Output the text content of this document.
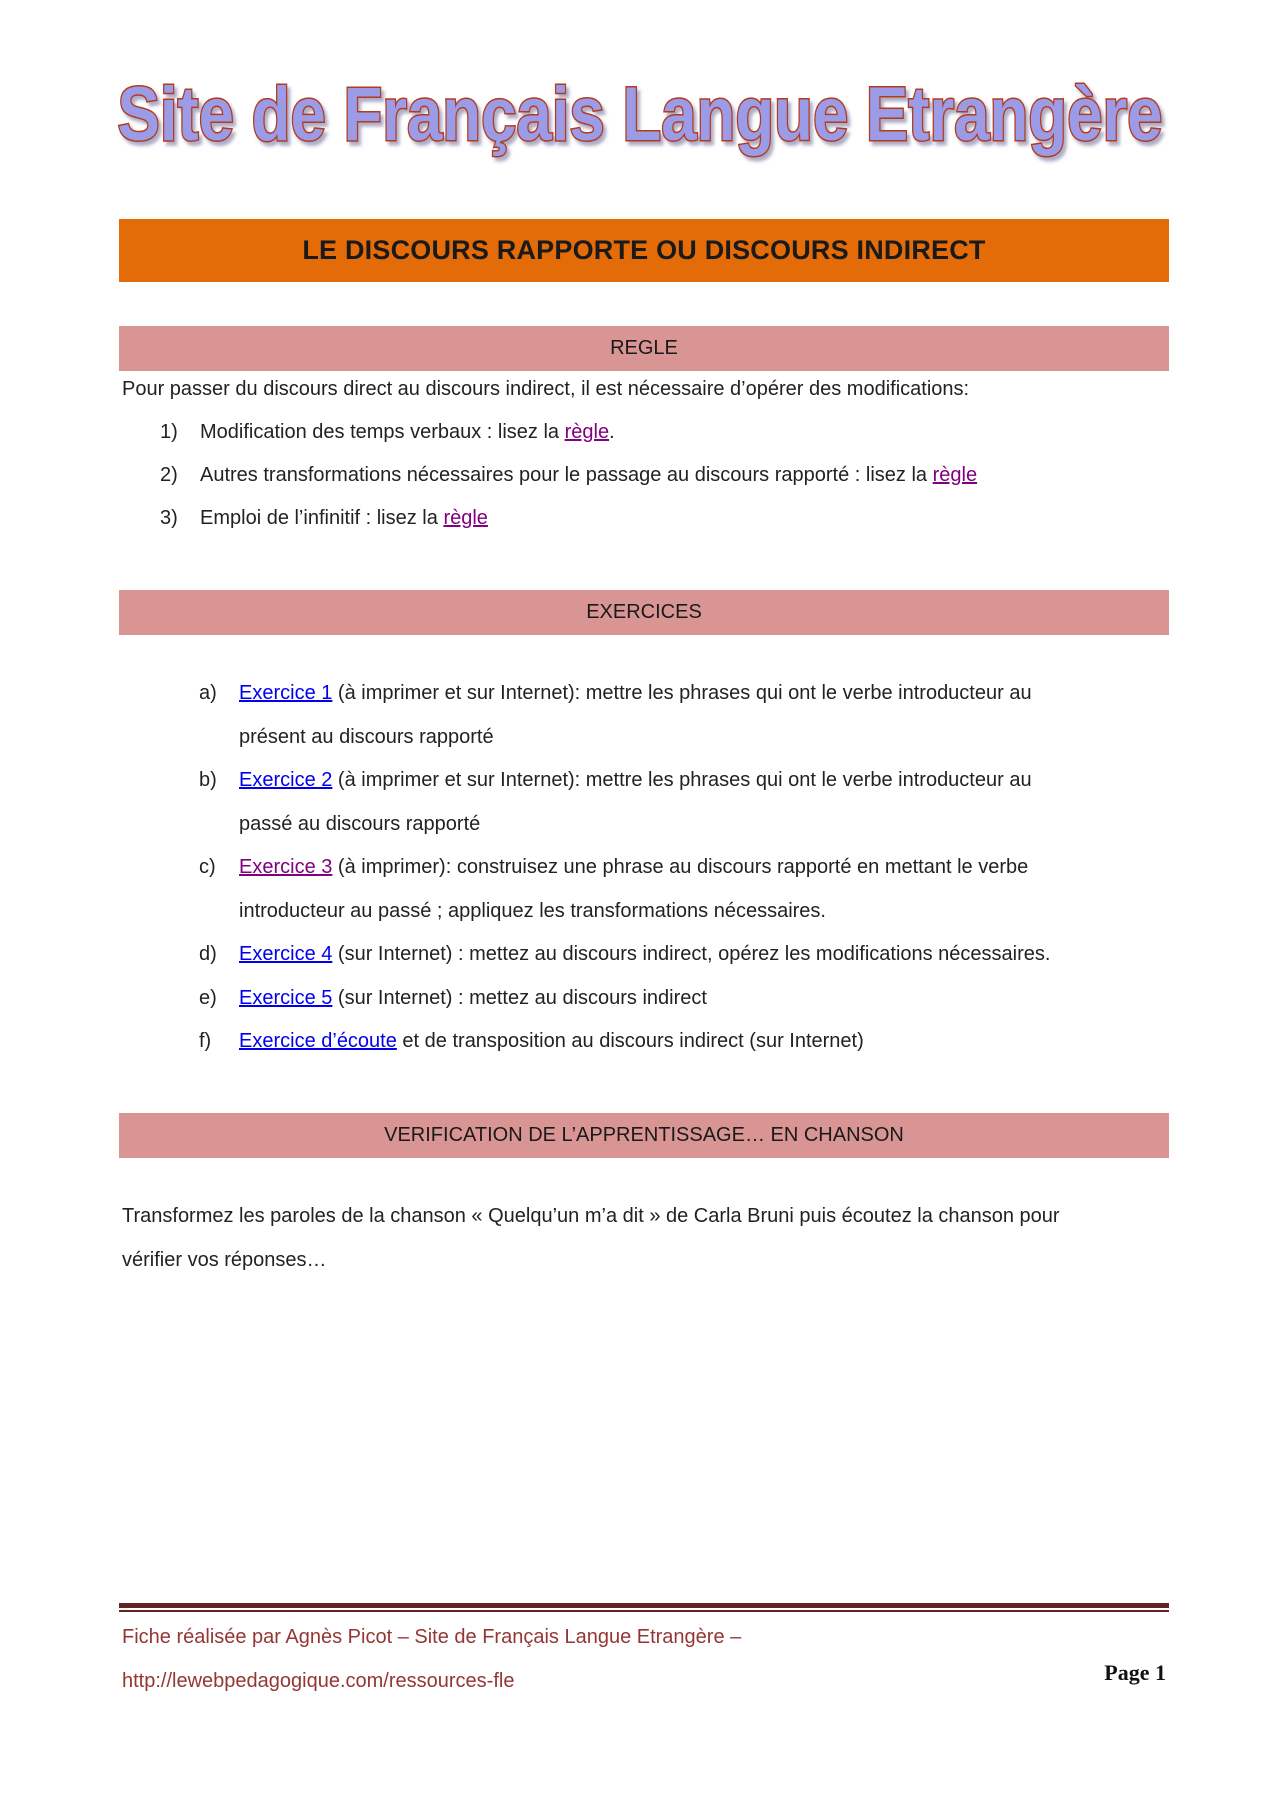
Site de Français Langue Etrangère
LE DISCOURS RAPPORTE OU DISCOURS INDIRECT
REGLE
Pour passer du discours direct au discours indirect, il est nécessaire d’opérer des modifications:
1) Modification des temps verbaux : lisez la règle.
2) Autres transformations nécessaires pour le passage au discours rapporté : lisez la règle
3) Emploi de l’infinitif : lisez la règle
EXERCICES
a) Exercice 1 (à imprimer et sur Internet): mettre les phrases qui ont le verbe introducteur au
présent au discours rapporté
b) Exercice 2 (à imprimer et sur Internet): mettre les phrases qui ont le verbe introducteur au
passé au discours rapporté
c) Exercice 3 (à imprimer): construisez une phrase au discours rapporté en mettant le verbe
introducteur au passé ; appliquez les transformations nécessaires.
d) Exercice 4 (sur Internet) : mettez au discours indirect, opérez les modifications nécessaires.
e) Exercice 5 (sur Internet) : mettez au discours indirect
f) Exercice d’écoute et de transposition au discours indirect (sur Internet)
VERIFICATION DE L’APPRENTISSAGE… EN CHANSON
Transformez les paroles de la chanson « Quelqu’un m’a dit » de Carla Bruni puis écoutez la chanson pour
vérifier vos réponses…
Fiche réalisée par Agnès Picot – Site de Français Langue Etrangère –
http://lewebpedagogique.com/ressources-fle	Page 1
